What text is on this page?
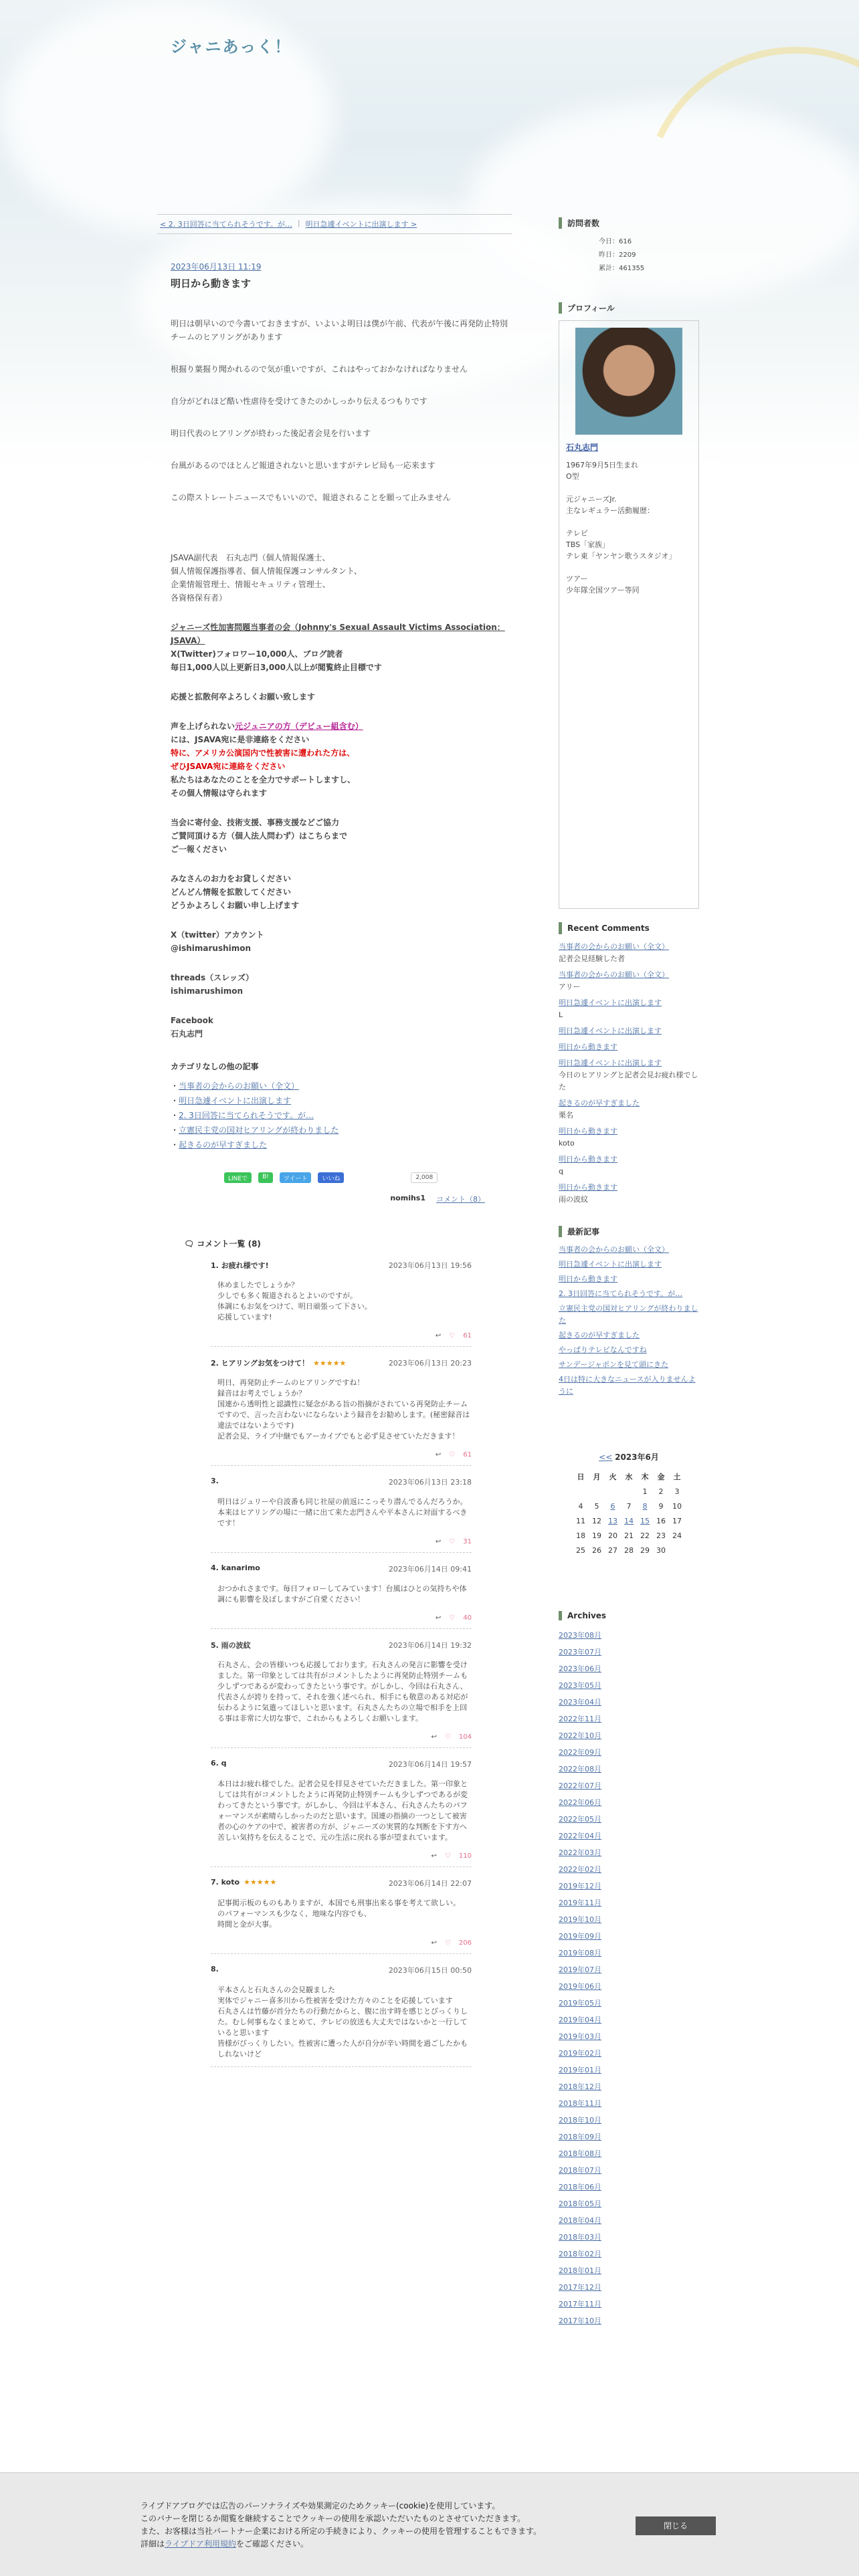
ジャニあっく！
< 2. 3日回答に当てられそうです。が… | 明日急遽イベントに出演します >
2023年06月13日 11:19
明日から動きます

明日は朝早いので今書いておきますが、いよいよ明日は僕が午前、代表が午後に再発防止特別チームのヒアリングがあります

根掘り葉掘り聞かれるので気が重いですが、これはやっておかなければなりません

自分がどれほど酷い性虐待を受けてきたのかしっかり伝えるつもりです

明日代表のヒアリングが終わった後記者会見を行います

台風があるのでほとんど報道されないと思いますがテレビ局も一応来ます

この際ストレートニュースでもいいので、報道されることを願って止みません

JSAVA副代表　石丸志門（個人情報保護士、
個人情報保護指導者、個人情報保護コンサルタント、
企業情報管理士、情報セキュリティ管理士、
各資格保有者）
ジャニーズ性加害問題当事者の会（Johnny's Sexual Assault Victims Association：JSAVA）
X(Twitter)フォロワー10,000人、ブログ読者
毎日1,000人以上更新日3,000人以上が閲覧終止目標です
応援と拡散何卒よろしくお願い致します
声を上げられない元ジュニアの方（デビュー組含む）
には、JSAVA宛に是非連絡をください
特に、アメリカ公演国内で性被害に遭われた方は、
ぜひJSAVA宛に連絡をください
私たちはあなたのことを全力でサポートしますし、
その個人情報は守られます
当会に寄付金、技術支援、事務支援などご協力
ご賛同頂ける方（個人法人問わず）はこちらまで
ご一報ください
みなさんのお力をお貸しください
どんどん情報を拡散してください
どうかよろしくお願い申し上げます
X（twitter）アカウント
@ishimarushimon
threads（スレッズ）
ishimarushimon
Facebook
石丸志門
カテゴリなしの他の記事
・当事者の会からのお願い（全文）
・明日急遽イベントに出演します
・2. 3日回答に当てられそうです。が…
・立憲民主党の国対ヒアリングが終わりました
・起きるのが早すぎました
LINEで	B!	ツイート	いいね	2,008
nomihs1 コメント（8）
🗨 コメント一覧 (8)
1. お疲れ様です!	2023年06月13日 19:56
休めましたでしょうか？
少しでも多く報道されるとよいのですが。
体調にもお気をつけて、明日頑張って下さい。
応援しています!
↩ ♡ 61
2. ヒアリングお気をつけて！ ★★★★★	2023年06月13日 20:23
明日、再発防止チームのヒアリングですね！
録音はお考えでしょうか？
国連から透明性と認識性に疑念がある旨の指摘がされている再発防止チームですので、言った言わないにならないよう録音をお勧めします。(秘密録音は違法ではないようです)
記者会見、ライブ中継でもアーカイブでもと必ず見させていただきます！
↩ ♡ 61
3.	2023年06月13日 23:18
明日はジュリーや自波番も同じ社屋の前返にこっそり潜んでるんだろうか。
本来はヒアリングの場に一緒に出て来た志門さんや平本さんに対面するべきです！
↩ ♡ 31
4. kanarimo	2023年06月14日 09:41
おつかれさまです。毎日フォローしてみています！台風はひとの気持ちや体調にも影響を及ぼしますがご自愛ください！
↩ ♡ 40
5. 雨の波紋	2023年06月14日 19:32
石丸さん、会の皆様いつも応援しております。石丸さんの発言に影響を受けました。第一印象としては共有がコメントしたように再発防止特別チームも少しずつであるが変わってきたという事です。がしかし、今回は石丸さん、代表さんが誇りを持って、それを強く述べられ、相手にも敬意のある対応が伝わるように気遣ってほしいと思います。石丸さんたちの立場で相手を上回る事は非常に大切な事で、これからもよろしくお願いします。
↩ ♡ 104
6. q	2023年06月14日 19:57
本日はお疲れ様でした。記者会見を拝見させていただきました。第一印象としては共有がコメントしたように再発防止特別チームも少しずつであるが変わってきたという事です。がしかし、今回は平本さん、石丸さんたちのパフォーマンスが素晴らしかったのだと思います。国連の指摘の一つとして被害者の心のケアの中で、被害者の方が、ジャニーズの実質的な判断を下す方へ苦しい気持ちを伝えることで、元の生活に戻れる事が望まれています。
↩ ♡ 110
7. koto ★★★★★	2023年06月14日 22:07
記事掲示板のものもありますが、本国でも刑事出来る事を考えて欲しい。
のパフォーマンスも少なく、地味な内容でも、
時間と金が大事。
↩ ♡ 206
8.	2023年06月15日 00:50
平本さんと石丸さんの会見観ました
実体でジャニー喜多川から性被害を受けた方々のことを応援しています
石丸さんは竹藤が首分たちの行動だからと、腹に出す時を感じとびっくりした。むし何事もなくまとめて、テレビの放送も大丈夫ではないかと一行していると思います
皆様がびっくりしたい。性被害に遭った人が自分が辛い時間を過ごしたかもしれないけど
訪問者数
今日：616
昨日：2209
累計：461355
プロフィール
石丸志門
1967年9月5日生まれ
O型

元ジャニーズJr.
主なレギュラー活動履歴：

テレビ
TBS「家族」
テレ東「ヤンヤン歌うスタジオ」

ツアー
少年隊全国ツアー等同
Recent Comments
当事者の会からのお願い（全文）
記者会見経験した者
当事者の会からのお願い（全文）
アリー
明日急遽イベントに出演します
L
明日急遽イベントに出演します
明日から動きます
明日急遽イベントに出演します
今日のヒアリングと記者会見お疲れ様でした
起きるのが早すぎました
栗名
明日から動きます
koto
明日から動きます
q
明日から動きます
雨の波紋
最新記事
当事者の会からのお願い（全文）
明日急遽イベントに出演します
明日から動きます
2. 3日回答に当てられそうです。が…
立憲民主党の国対ヒアリングが終わりました
起きるのが早すぎました
やっぱりテレビなんですね
サンデージャポンを見て頭にきた
4日は特に大きなニュースが入りませんように
<< 2023年6月
日	月	火	水	木	金	土
				1	2	3
4	5	6	7	8	9	10
11	12	13	14	15	16	17
18	19	20	21	22	23	24
25	26	27	28	29	30	
Archives
2023年08月
2023年07月
2023年06月
2023年05月
2023年04月
2022年11月
2022年10月
2022年09月
2022年08月
2022年07月
2022年06月
2022年05月
2022年04月
2022年03月
2022年02月
2019年12月
2019年11月
2019年10月
2019年09月
2019年08月
2019年07月
2019年06月
2019年05月
2019年04月
2019年03月
2019年02月
2019年01月
2018年12月
2018年11月
2018年10月
2018年09月
2018年08月
2018年07月
2018年06月
2018年05月
2018年04月
2018年03月
2018年02月
2018年01月
2017年12月
2017年11月
2017年10月
ライブドアブログでは広告のパーソナライズや効果測定のためクッキー(cookie)を使用しています。
このバナーを閉じるか閲覧を継続することでクッキーの使用を承認いただいたものとさせていただきます。
また、お客様は当社パートナー企業における所定の手続きにより、クッキーの使用を管理することもできます。
詳細はライブドア利用規約をご確認ください。
閉じる
